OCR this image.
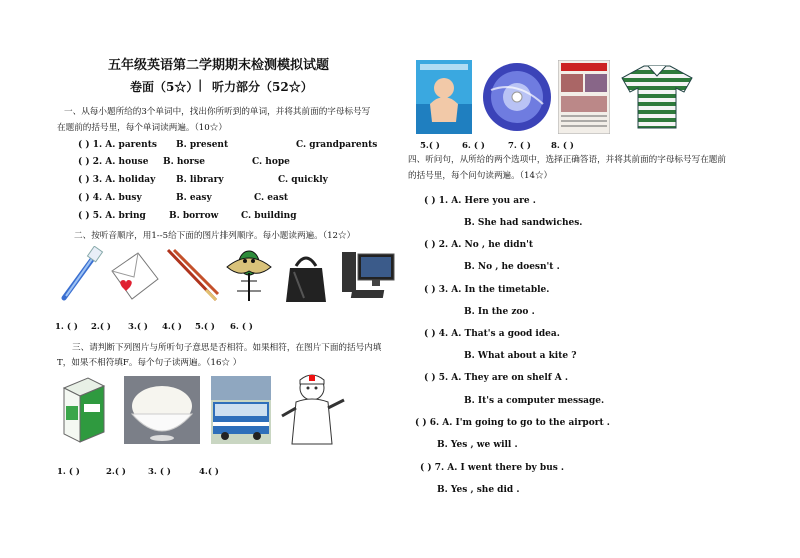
五年级英语第二学期期末检测模拟试题
卷面（5☆） | 听力部分（52☆）
一、从每小题所给的3个单词中，找出你所听到的单词，并将其前面的字母标号写
在题前的括号里，每个单词读两遍。（10☆）
( ) 1. A. parents B. present	C. grandparents
( ) 2. A. house B. horse	C. hope
( ) 3. A. holiday B. library	C. quickly
( ) 4. A. busy	B. easy	C. east
( ) 5. A. bring	B. borrow	C. building
二、按听音顺序，用1--5给下面的图片排列顺序。每小题读两遍。（12☆）
1. ( ) 2.( ) 3.( ) 4.( ) 5.( ) 6. ( )
三、请判断下列图片与所听句子意思是否相符。如果相符，在图片下面的括号内填
T，如果不相符填F。每个句子读两遍。（16☆ ）
1. ( )	2.( )	3. ( )	4.( )
5.( )	6. ( )	7. ( ) 8. ( )
四、听问句，从所给的两个选项中，选择正确答语，并将其前面的字母标号写在题前
的括号里，每个问句读两遍。（14☆）
( ) 1. A. Here you are .
B. She had sandwiches.
( ) 2. A. No , he didn't
B. No , he doesn't .
( ) 3. A. In the timetable.
B. In the zoo .
( ) 4. A. That's a good idea.
B. What about a kite ?
( ) 5. A. They are on shelf A .
B. It's a computer message.
( ) 6. A. I'm going to go to the airport .
B. Yes , we will .
( ) 7. A. I went there by bus .
B. Yes , she did .
